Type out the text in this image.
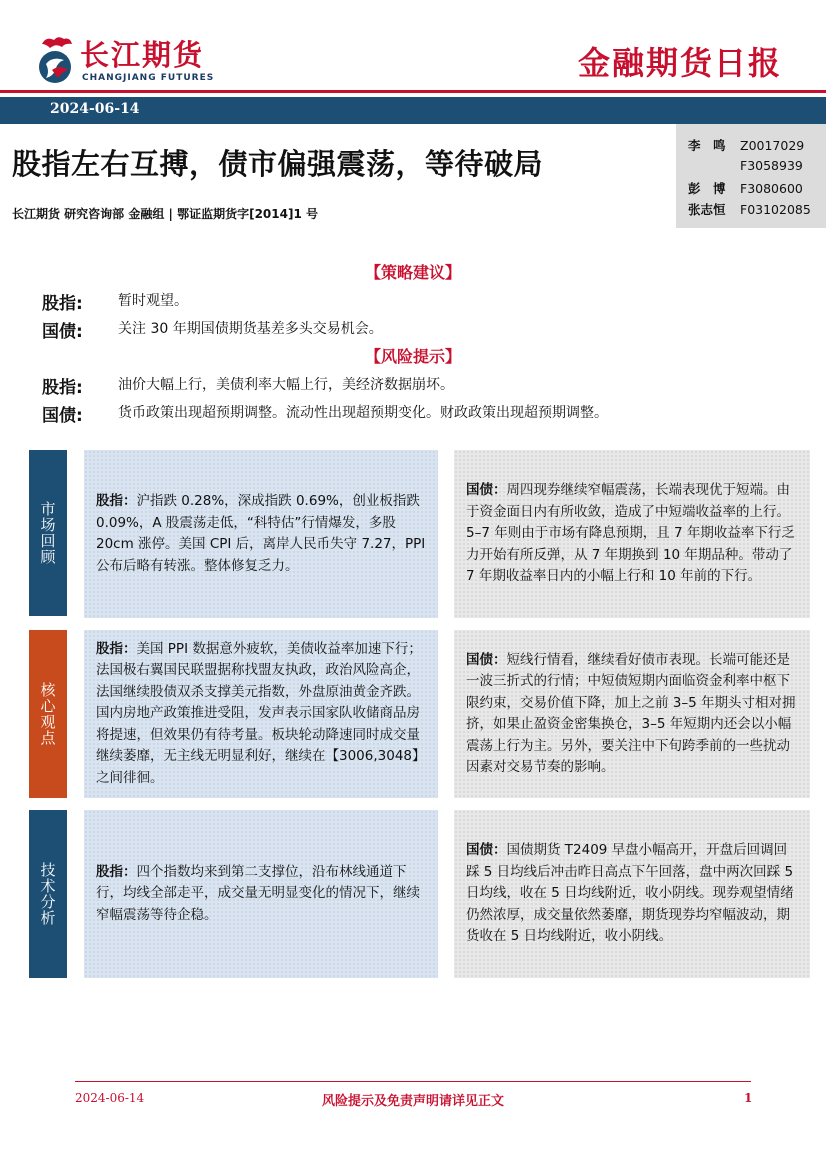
长江期货
CHANGJIANG FUTURES	金融期货日报
2024-06-14
股指左右互搏，债市偏强震荡，等待破局
长江期货 研究咨询部 金融组 | 鄂证监期货字[2014]1 号
李　鸣 Z0017029
F3058939
彭　博 F3080600
张志恒 F03102085
【策略建议】
股指:	暂时观望。
国债:	关注 30 年期国债期货基差多头交易机会。
【风险提示】
股指:	油价大幅上行，美债利率大幅上行，美经济数据崩坏。
国债:	货币政策出现超预期调整。流动性出现超预期变化。财政政策出现超预期调整。
市场回顾	股指：沪指跌 0.28%，深成指跌 0.69%，创业板指跌 0.09%，A 股震荡走低，“科特估”行情爆发，多股 20cm 涨停。美国 CPI 后，离岸人民币失守 7.27，PPI 公布后略有转涨。整体修复乏力。

国债：周四现券继续窄幅震荡，长端表现优于短端。由于资金面日内有所收敛，造成了中短端收益率的上行。5–7 年则由于市场有降息预期，且 7 年期收益率下行乏力开始有所反弹，从 7 年期换到 10 年期品种。带动了 7 年期收益率日内的小幅上行和 10 年前的下行。

核心观点

股指：美国 PPI 数据意外疲软，美债收益率加速下行；法国极右翼国民联盟据称找盟友执政，政治风险高企，法国继续股债双杀支撑美元指数，外盘原油黄金齐跌。国内房地产政策推进受阻，发声表示国家队收储商品房将提速，但效果仍有待考量。板块轮动降速同时成交量继续萎靡，无主线无明显利好，继续在【3006,3048】之间徘徊。

国债：短线行情看，继续看好债市表现。长端可能还是一波三折式的行情；中短债短期内面临资金利率中枢下限约束，交易价值下降，加上之前 3–5 年期头寸相对拥挤，如果止盈资金密集换仓，3–5 年短期内还会以小幅震荡上行为主。另外，要关注中下旬跨季前的一些扰动因素对交易节奏的影响。

技术分析	股指：四个指数均来到第二支撑位，沿布林线通道下行，均线全部走平，成交量无明显变化的情况下，继续窄幅震荡等待企稳。

国债：国债期货 T2409 早盘小幅高开，开盘后回调回踩 5 日均线后冲击昨日高点下午回落，盘中两次回踩 5 日均线，收在 5 日均线附近，收小阴线。现券观望情绪仍然浓厚，成交量依然萎靡，期货现券均窄幅波动，期货收在 5 日均线附近，收小阴线。

2024-06-14	风险提示及免责声明请详见正文	1
